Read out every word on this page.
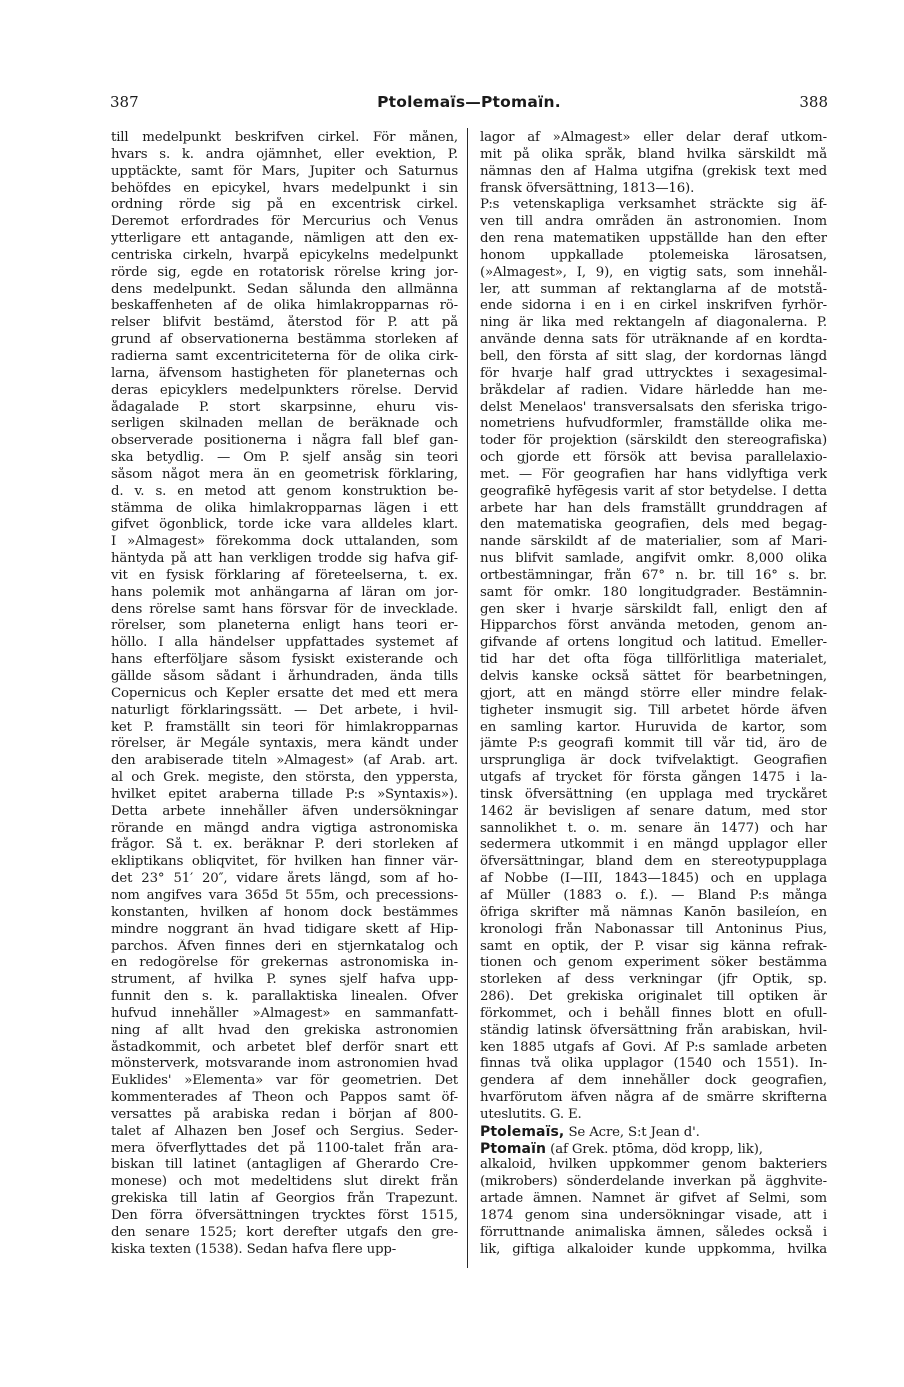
387	Ptolemaïs—Ptomaïn.	388
till medelpunkt beskrifven cirkel. För månen,
hvars s. k. andra ojämnhet, eller evektion, P.
upptäckte, samt för Mars, Jupiter och Saturnus
behöfdes en epicykel, hvars medelpunkt i sin
ordning rörde sig på en excentrisk cirkel.
Deremot erfordrades för Mercurius och Venus
ytterligare ett antagande, nämligen att den ex-
centriska cirkeln, hvarpå epicykelns medelpunkt
rörde sig, egde en rotatorisk rörelse kring jor-
dens medelpunkt. Sedan sålunda den allmänna
beskaffenheten af de olika himlakropparnas rö-
relser blifvit bestämd, återstod för P. att på
grund af observationerna bestämma storleken af
radierna samt excentriciteterna för de olika cirk-
larna, äfvensom hastigheten för planeternas och
deras epicyklers medelpunkters rörelse. Dervid
ådagalade P. stort skarpsinne, ehuru vis-
serligen skilnaden mellan de beräknade och
observerade positionerna i några fall blef gan-
ska betydlig. — Om P. sjelf ansåg sin teori
såsom något mera än en geometrisk förklaring,
d. v. s. en metod att genom konstruktion be-
stämma de olika himlakropparnas lägen i ett
gifvet ögonblick, torde icke vara alldeles klart.
I »Almagest» förekomma dock uttalanden, som
häntyda på att han verkligen trodde sig hafva gif-
vit en fysisk förklaring af företeelserna, t. ex.
hans polemik mot anhängarna af läran om jor-
dens rörelse samt hans försvar för de invecklade.
rörelser, som planeterna enligt hans teori er-
höllo. I alla händelser uppfattades systemet af
hans efterföljare såsom fysiskt existerande och
gällde såsom sådant i århundraden, ända tills
Copernicus och Kepler ersatte det med ett mera
naturligt förklaringssätt. — Det arbete, i hvil-
ket P. framställt sin teori för himlakropparnas
rörelser, är Megále syntaxis, mera kändt under
den arabiserade titeln »Almagest» (af Arab. art.
al och Grek. megiste, den största, den yppersta,
hvilket epitet araberna tillade P:s »Syntaxis»).
Detta arbete innehåller äfven undersökningar
rörande en mängd andra vigtiga astronomiska
frågor. Så t. ex. beräknar P. deri storleken af
ekliptikans obliqvitet, för hvilken han finner vär-
det 23° 51′ 20″, vidare årets längd, som af ho-
nom angifves vara 365d 5t 55m, och precessions-
konstanten, hvilken af honom dock bestämmes
mindre noggrant än hvad tidigare skett af Hip-
parchos. Äfven finnes deri en stjernkatalog och
en redogörelse för grekernas astronomiska in-
strument, af hvilka P. synes sjelf hafva upp-
funnit den s. k. parallaktiska linealen. Öfver
hufvud innehåller »Almagest» en sammanfatt-
ning af allt hvad den grekiska astronomien
åstadkommit, och arbetet blef derför snart ett
mönsterverk, motsvarande inom astronomien hvad
Euklides' »Elementa» var för geometrien. Det
kommenterades af Theon och Pappos samt öf-
versattes på arabiska redan i början af 800-
talet af Alhazen ben Josef och Sergius. Seder-
mera öfverflyttades det på 1100-talet från ara-
biskan till latinet (antagligen af Gherardo Cre-
monese) och mot medeltidens slut direkt från
grekiska till latin af Georgios från Trapezunt.
Den förra öfversättningen trycktes först 1515,
den senare 1525; kort derefter utgafs den gre-
kiska texten (1538). Sedan hafva flere upp-
lagor af »Almagest» eller delar deraf utkom-
mit på olika språk, bland hvilka särskildt må
nämnas den af Halma utgifna (grekisk text med
fransk öfversättning, 1813—16).
P:s vetenskapliga verksamhet sträckte sig äf-
ven till andra områden än astronomien. Inom
den rena matematiken uppställde han den efter
honom uppkallade ptolemeiska lärosatsen,
(»Almagest», I, 9), en vigtig sats, som innehål-
ler, att summan af rektanglarna af de motstå-
ende sidorna i en i en cirkel inskrifven fyrhör-
ning är lika med rektangeln af diagonalerna. P.
använde denna sats för uträknande af en kordta-
bell, den första af sitt slag, der kordornas längd
för hvarje half grad uttrycktes i sexagesimal-
bråkdelar af radien. Vidare härledde han me-
delst Menelaos' transversalsats den sferiska trigo-
nometriens hufvudformler, framställde olika me-
toder för projektion (särskildt den stereografiska)
och gjorde ett försök att bevisa parallelaxio-
met. — För geografien har hans vidlyftiga verk
geografikē hyfēgesis varit af stor betydelse. I detta
arbete har han dels framställt grunddragen af
den matematiska geografien, dels med begag-
nande särskildt af de materialier, som af Mari-
nus blifvit samlade, angifvit omkr. 8,000 olika
ortbestämningar, från 67° n. br. till 16° s. br.
samt för omkr. 180 longitudgrader. Bestämnin-
gen sker i hvarje särskildt fall, enligt den af
Hipparchos först använda metoden, genom an-
gifvande af ortens longitud och latitud. Emeller-
tid har det ofta föga tillförlitliga materialet,
delvis kanske också sättet för bearbetningen,
gjort, att en mängd större eller mindre felak-
tigheter insmugit sig. Till arbetet hörde äfven
en samling kartor. Huruvida de kartor, som
jämte P:s geografi kommit till vår tid, äro de
ursprungliga är dock tvifvelaktigt. Geografien
utgafs af trycket för första gången 1475 i la-
tinsk öfversättning (en upplaga med tryckåret
1462 är bevisligen af senare datum, med stor
sannolikhet t. o. m. senare än 1477) och har
sedermera utkommit i en mängd upplagor eller
öfversättningar, bland dem en stereotypupplaga
af Nobbe (I—III, 1843—1845) och en upplaga
af Müller (1883 o. f.). — Bland P:s många
öfriga skrifter må nämnas Kanōn basileíon, en
kronologi från Nabonassar till Antoninus Pius,
samt en optik, der P. visar sig känna refrak-
tionen och genom experiment söker bestämma
storleken af dess verkningar (jfr Optik, sp.
286). Det grekiska originalet till optiken är
förkommet, och i behåll finnes blott en ofull-
ständig latinsk öfversättning från arabiskan, hvil-
ken 1885 utgafs af Govi. Af P:s samlade arbeten
finnas två olika upplagor (1540 och 1551). In-
gendera af dem innehåller dock geografien,
hvarförutom äfven några af de smärre skrifterna
uteslutits. G. E.
Ptolemaïs, Se Acre, S:t Jean d'.
Ptomaïn (af Grek. ptōma, död kropp, lik),
alkaloid, hvilken uppkommer genom bakteriers
(mikrobers) sönderdelande inverkan på ägghvite-
artade ämnen. Namnet är gifvet af Selmi, som
1874 genom sina undersökningar visade, att i
förruttnande animaliska ämnen, således också i
lik, giftiga alkaloider kunde uppkomma, hvilka
